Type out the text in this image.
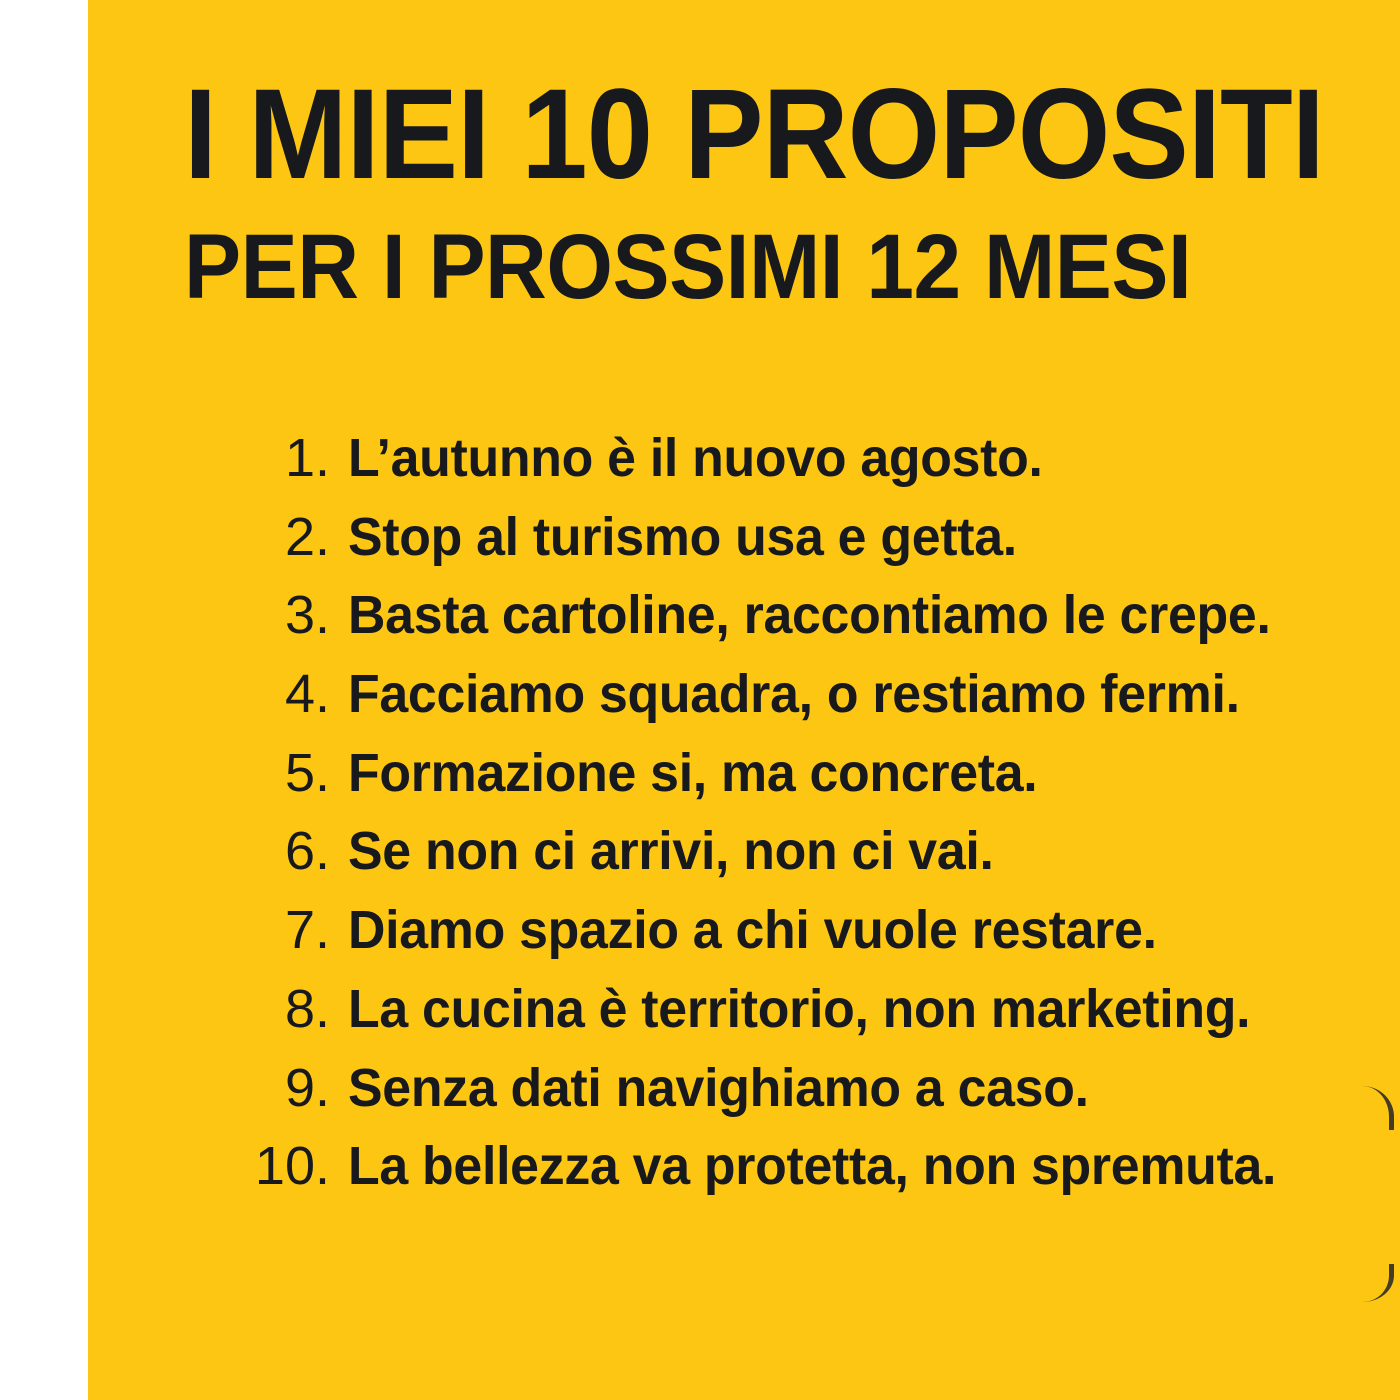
I MIEI 10 PROPOSITI
PER I PROSSIMI 12 MESI
1. L’autunno è il nuovo agosto.
2. Stop al turismo usa e getta.
3. Basta cartoline, raccontiamo le crepe.
4. Facciamo squadra, o restiamo fermi.
5. Formazione si, ma concreta.
6. Se non ci arrivi, non ci vai.
7. Diamo spazio a chi vuole restare.
8. La cucina è territorio, non marketing.
9. Senza dati navighiamo a caso.
10. La bellezza va protetta, non spremuta.
